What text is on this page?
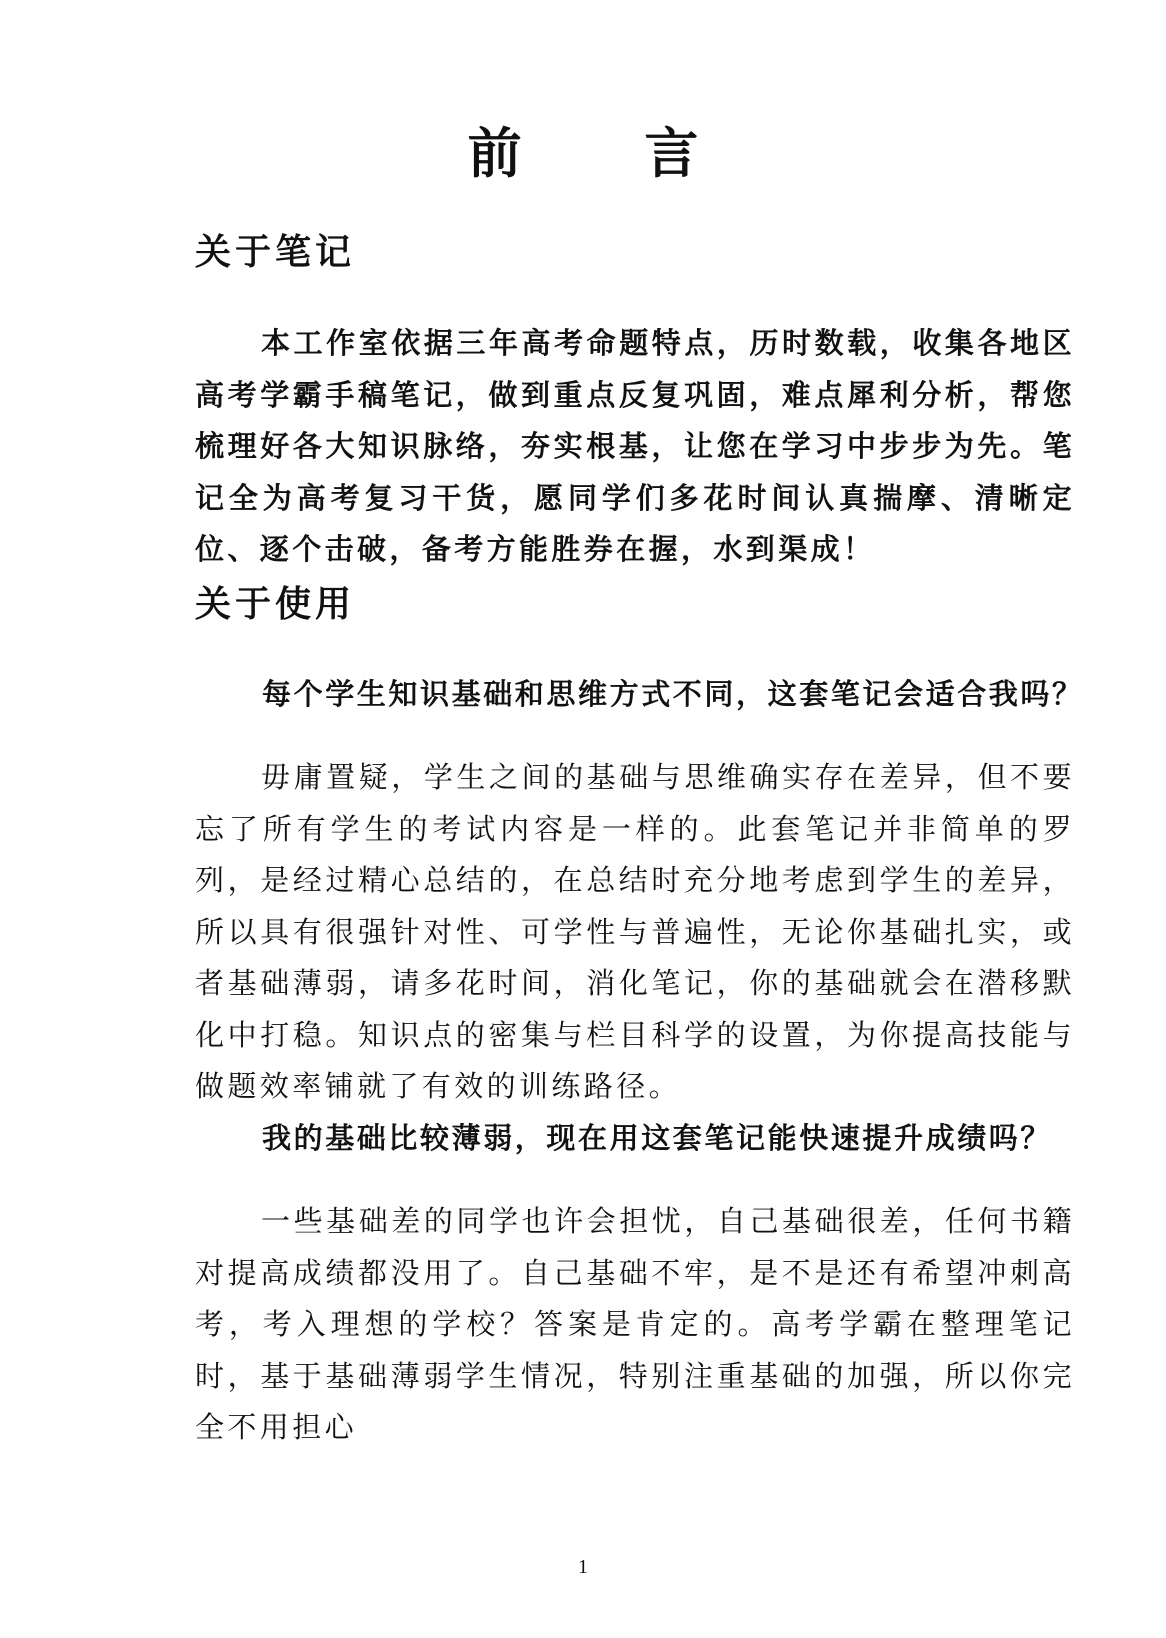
前 言
关于笔记

本工作室依据三年高考命题特点，历时数载，收集各地区高考学霸手稿笔记，做到重点反复巩固，难点犀利分析，帮您梳理好各大知识脉络，夯实根基，让您在学习中步步为先。笔记全为高考复习干货，愿同学们多花时间认真揣摩、清晰定位、逐个击破，备考方能胜券在握，水到渠成！

关于使用

每个学生知识基础和思维方式不同，这套笔记会适合我吗？

毋庸置疑，学生之间的基础与思维确实存在差异，但不要忘了所有学生的考试内容是一样的。此套笔记并非简单的罗列，是经过精心总结的，在总结时充分地考虑到学生的差异，所以具有很强针对性、可学性与普遍性，无论你基础扎实，或者基础薄弱，请多花时间，消化笔记，你的基础就会在潜移默化中打稳。知识点的密集与栏目科学的设置，为你提高技能与做题效率铺就了有效的训练路径。

我的基础比较薄弱，现在用这套笔记能快速提升成绩吗？

一些基础差的同学也许会担忧，自己基础很差，任何书籍对提高成绩都没用了。自己基础不牢，是不是还有希望冲刺高考，考入理想的学校？答案是肯定的。高考学霸在整理笔记时，基于基础薄弱学生情况，特别注重基础的加强，所以你完全不用担心

1
